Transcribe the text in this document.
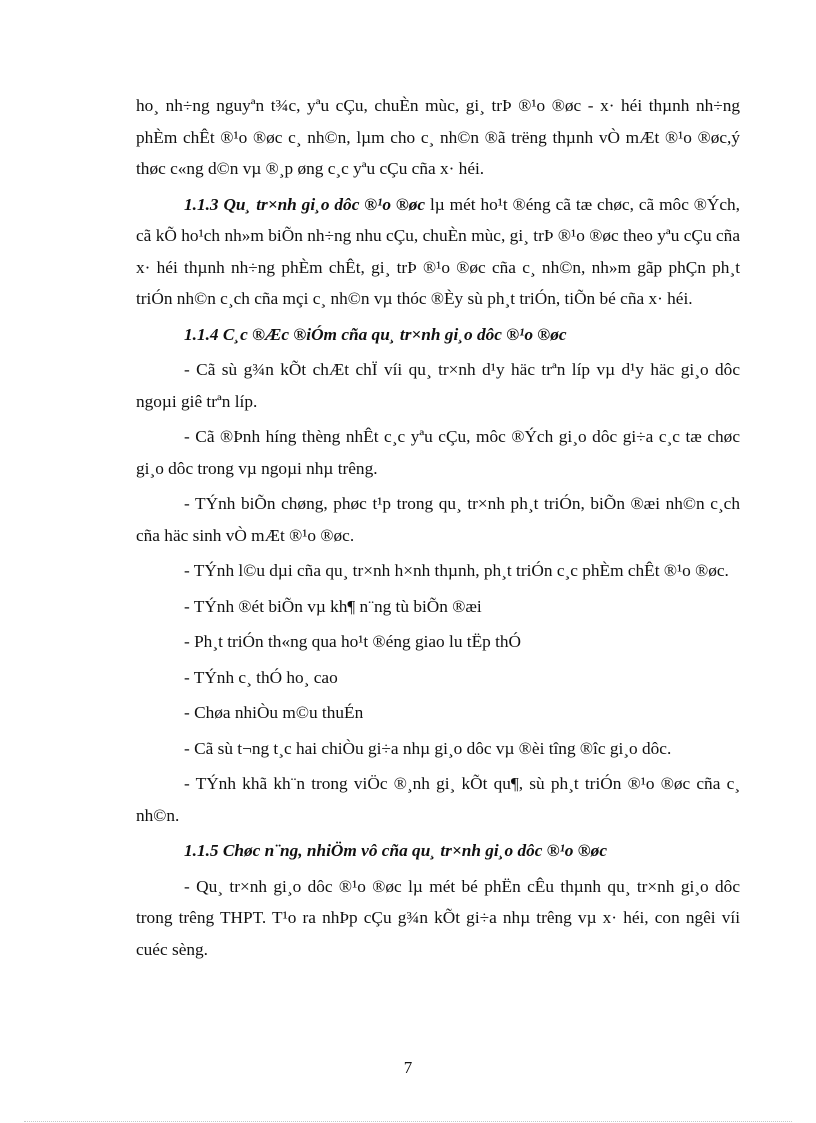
ho¸ nh÷ng nguyªn t¾c, yªu cÇu, chuÈn mùc, gi¸ trÞ ®¹o ®øc - x· héi thµnh nh÷ng phÈm chÊt ®¹o ®øc c¸ nh©n, lµm cho c¸ nh©n ®ã trëng thµnh vÒ mÆt ®¹o ®øc,ý thøc c«ng d©n vµ ®¸p øng c¸c yªu cÇu cña x· héi.

1.1.3 Qu¸ tr×nh gi¸o dôc ®¹o ®øc lµ mét ho¹t ®éng cã tæ chøc, cã môc ®Ých, cã kÕ ho¹ch nh»m biÕn nh÷ng nhu cÇu, chuÈn mùc, gi¸ trÞ ®¹o ®øc theo yªu cÇu cña x· héi thµnh nh÷ng phÈm chÊt, gi¸ trÞ ®¹o ®øc cña c¸ nh©n, nh»m gãp phÇn ph¸t triÓn nh©n c¸ch cña mçi c¸ nh©n vµ thóc ®Èy sù ph¸t triÓn, tiÕn bé cña x· héi.

1.1.4 C¸c ®Æc ®iÓm cña qu¸ tr×nh gi¸o dôc ®¹o ®øc

- Cã sù g¾n kÕt chÆt chÏ víi qu¸ tr×nh d¹y häc trªn líp vµ d¹y häc gi¸o dôc ngoµi giê trªn líp.

- Cã ®Þnh híng thèng nhÊt c¸c yªu cÇu, môc ®Ých gi¸o dôc gi÷a c¸c tæ chøc gi¸o dôc trong vµ ngoµi nhµ trêng.

- TÝnh biÕn chøng, phøc t¹p trong qu¸ tr×nh ph¸t triÓn, biÕn ®æi nh©n c¸ch cña häc sinh vÒ mÆt ®¹o ®øc.

- TÝnh l©u dµi cña qu¸ tr×nh h×nh thµnh, ph¸t triÓn c¸c phÈm chÊt ®¹o ®øc.

- TÝnh ®ét biÕn vµ kh¶ n¨ng tù biÕn ®æi

- Ph¸t triÓn th«ng qua ho¹t ®éng giao lu tËp thÓ

- TÝnh c¸ thÓ ho¸ cao

- Chøa nhiÒu m©u thuÉn

- Cã sù t¬ng t¸c hai chiÒu gi÷a nhµ gi¸o dôc vµ ®èi tîng ®îc gi¸o dôc.

- TÝnh khã kh¨n trong viÖc ®¸nh gi¸ kÕt qu¶, sù ph¸t triÓn ®¹o ®øc cña c¸ nh©n.

1.1.5 Chøc n¨ng, nhiÖm vô cña qu¸ tr×nh gi¸o dôc ®¹o ®øc

- Qu¸ tr×nh gi¸o dôc ®¹o ®øc lµ mét bé phËn cÊu thµnh qu¸ tr×nh gi¸o dôc trong trêng THPT. T¹o ra nhÞp cÇu g¾n kÕt gi÷a nhµ trêng vµ x· héi, con ngêi víi cuéc sèng.

7
